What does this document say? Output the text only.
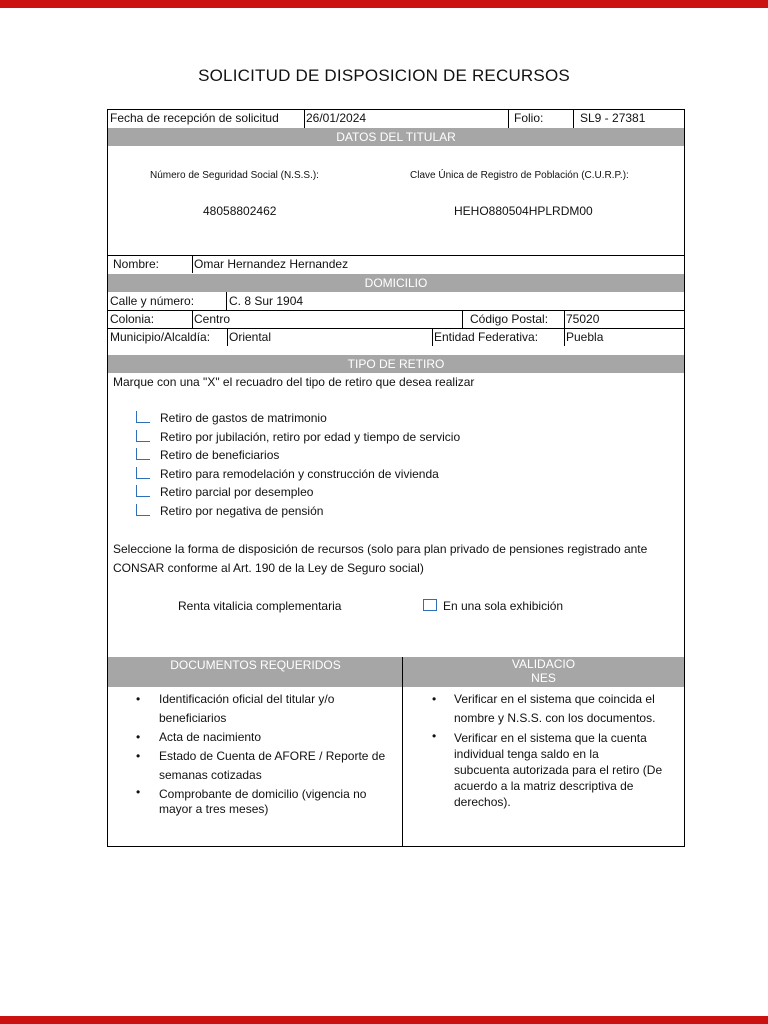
SOLICITUD DE DISPOSICION DE RECURSOS
Fecha de recepción de solicitud 26/01/2024	Folio:	SL9 - 27381
DATOS DEL TITULAR
Número de Seguridad Social (N.S.S.):	Clave Única de Registro de Población (C.U.R.P.):
48058802462	HEHO880504HPLRDM00
Nombre:	Omar Hernandez Hernandez
DOMICILIO
Calle y número:	C. 8 Sur 1904
Colonia:	Centro	Código Postal: 75020
Municipio/Alcaldía: Oriental	Entidad Federativa: Puebla
TIPO DE RETIRO
Marque con una "X" el recuadro del tipo de retiro que desea realizar
Retiro de gastos de matrimonio
Retiro por jubilación, retiro por edad y tiempo de servicio
Retiro de beneficiarios
Retiro para remodelación y construcción de vivienda
Retiro parcial por desempleo
Retiro por negativa de pensión
Seleccione la forma de disposición de recursos (solo para plan privado de pensiones registrado ante
CONSAR conforme al Art. 190 de la Ley de Seguro social)
Renta vitalicia complementaria	En una sola exhibición
DOCUMENTOS REQUERIDOS	VALIDACIO
NES
• Identificación oficial del titular y/o
beneficiarios
• Acta de nacimiento
• Estado de Cuenta de AFORE / Reporte de
semanas cotizadas
• Comprobante de domicilio (vigencia no
mayor a tres meses)
• Verificar en el sistema que coincida el
nombre y N.S.S. con los documentos.
• Verificar en el sistema que la cuenta
individual tenga saldo en la
subcuenta autorizada para el retiro (De
acuerdo a la matriz descriptiva de
derechos).
